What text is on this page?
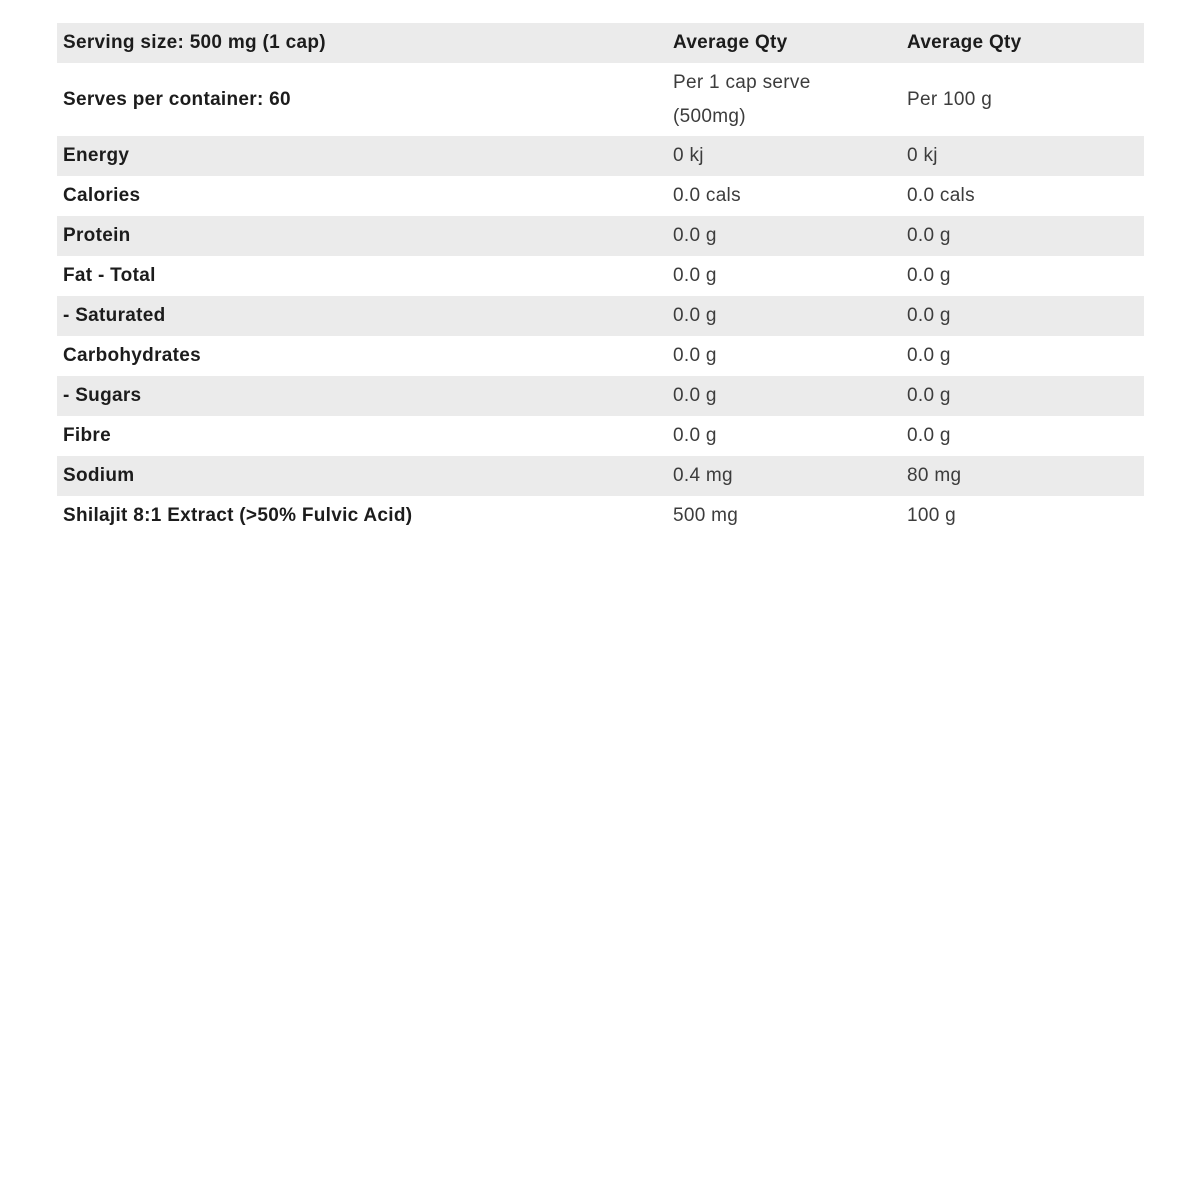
Serving size: 500 mg (1 cap)	Average Qty	Average Qty
Serves per container: 60	Per 1 cap serve (500mg)	Per 100 g

Energy	0 kj	0 kj
Calories	0.0 cals	0.0 cals
Protein	0.0 g	0.0 g
Fat - Total	0.0 g	0.0 g
- Saturated	0.0 g	0.0 g
Carbohydrates	0.0 g	0.0 g
- Sugars	0.0 g	0.0 g
Fibre	0.0 g	0.0 g
Sodium	0.4 mg	80 mg
Shilajit 8:1 Extract (>50% Fulvic Acid)	500 mg	100 g
